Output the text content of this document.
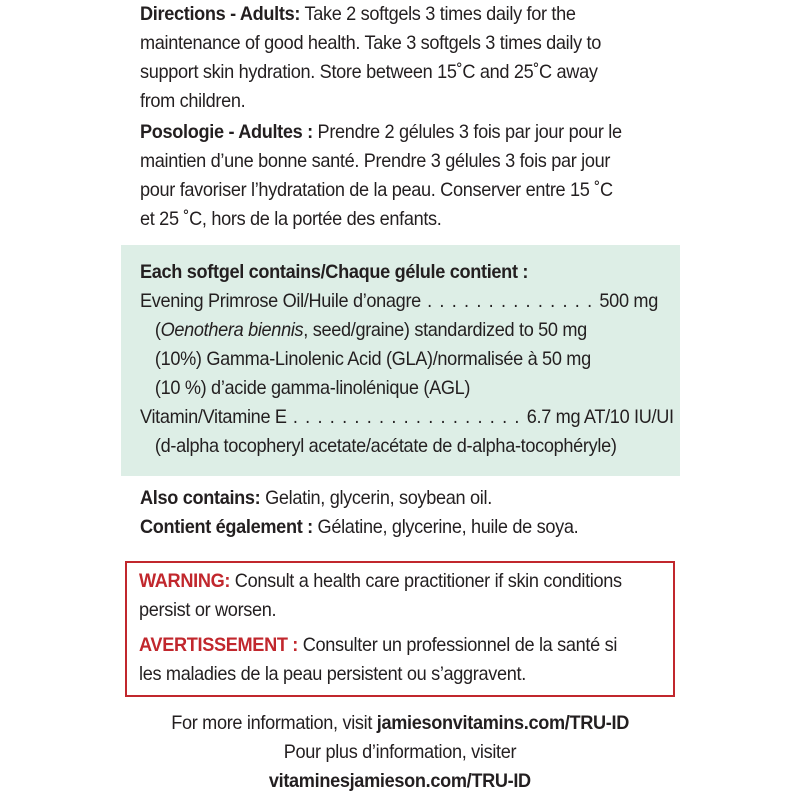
Directions - Adults: Take 2 softgels 3 times daily for the
maintenance of good health. Take 3 softgels 3 times daily to
support skin hydration. Store between 15˚C and 25˚C away
from children.
Posologie - Adultes : Prendre 2 gélules 3 fois par jour pour le
maintien d’une bonne santé. Prendre 3 gélules 3 fois par jour
pour favoriser l’hydratation de la peau. Conserver entre 15 ˚C
et 25 ˚C, hors de la portée des enfants.
Each softgel contains/Chaque gélule contient :
Evening Primrose Oil/Huile d’onagre . . . . . . . . . . . . . . 500 mg
(Oenothera biennis, seed/graine) standardized to 50 mg
(10%) Gamma-Linolenic Acid (GLA)/normalisée à 50 mg
(10 %) d’acide gamma-linolénique (AGL)
Vitamin/Vitamine E . . . . . . . . . . . . . . . . . . . 6.7 mg AT/10 IU/UI
(d-alpha tocopheryl acetate/acétate de d-alpha-tocophéryle)
Also contains: Gelatin, glycerin, soybean oil.
Contient également : Gélatine, glycerine, huile de soya.
WARNING: Consult a health care practitioner if skin conditions
persist or worsen.
AVERTISSEMENT : Consulter un professionnel de la santé si
les maladies de la peau persistent ou s’aggravent.
For more information, visit jamiesonvitamins.com/TRU-ID
Pour plus d’information, visiter
vitaminesjamieson.com/TRU-ID
